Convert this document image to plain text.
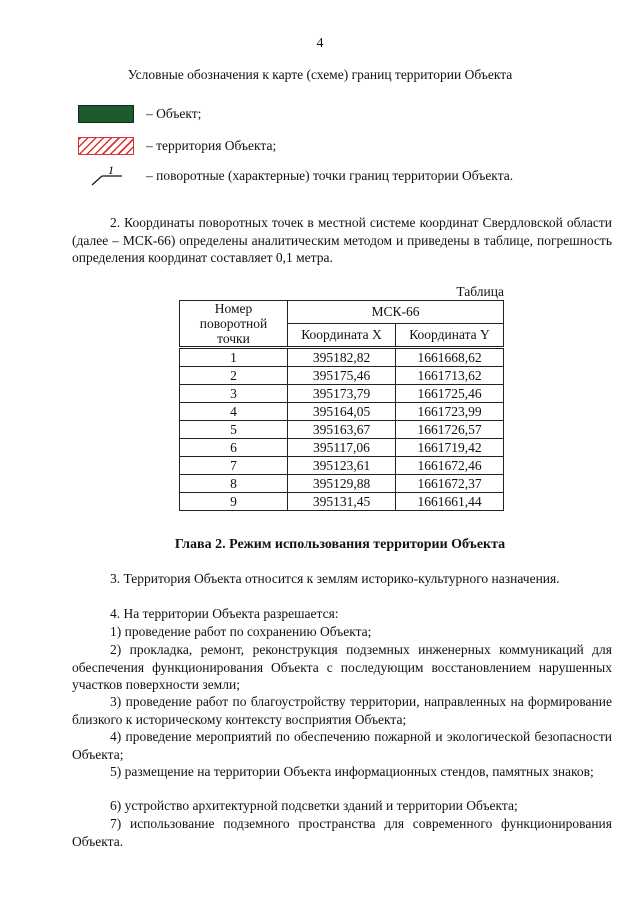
4
Условные обозначения к карте (схеме) границ территории Объекта
– Объект;
– территория Объекта;
1 – поворотные (характерные) точки границ территории Объекта.
2. Координаты поворотных точек в местной системе координат Свердловской области (далее – МСК-66) определены аналитическим методом и приведены в таблице, погрешность определения координат составляет 0,1 метра.
Таблица
Номер поворотной точки	МСК-66	
	Координата X	Координата Y
1	395182,82	1661668,62
2	395175,46	1661713,62
3	395173,79	1661725,46
4	395164,05	1661723,99
5	395163,67	1661726,57
6	395117,06	1661719,42
7	395123,61	1661672,46
8	395129,88	1661672,37
9	395131,45	1661661,44
Глава 2. Режим использования территории Объекта
3. Территория Объекта относится к землям историко-культурного назначения.
4. На территории Объекта разрешается:
1) проведение работ по сохранению Объекта;
2) прокладка, ремонт, реконструкция подземных инженерных коммуникаций для обеспечения функционирования Объекта с последующим восстановлением нарушенных участков поверхности земли;
3) проведение работ по благоустройству территории, направленных на формирование близкого к историческому контексту восприятия Объекта;
4) проведение мероприятий по обеспечению пожарной и экологической безопасности Объекта;
5) размещение на территории Объекта информационных стендов, памятных знаков;
6) устройство архитектурной подсветки зданий и территории Объекта;
7) использование подземного пространства для современного функционирования Объекта.
